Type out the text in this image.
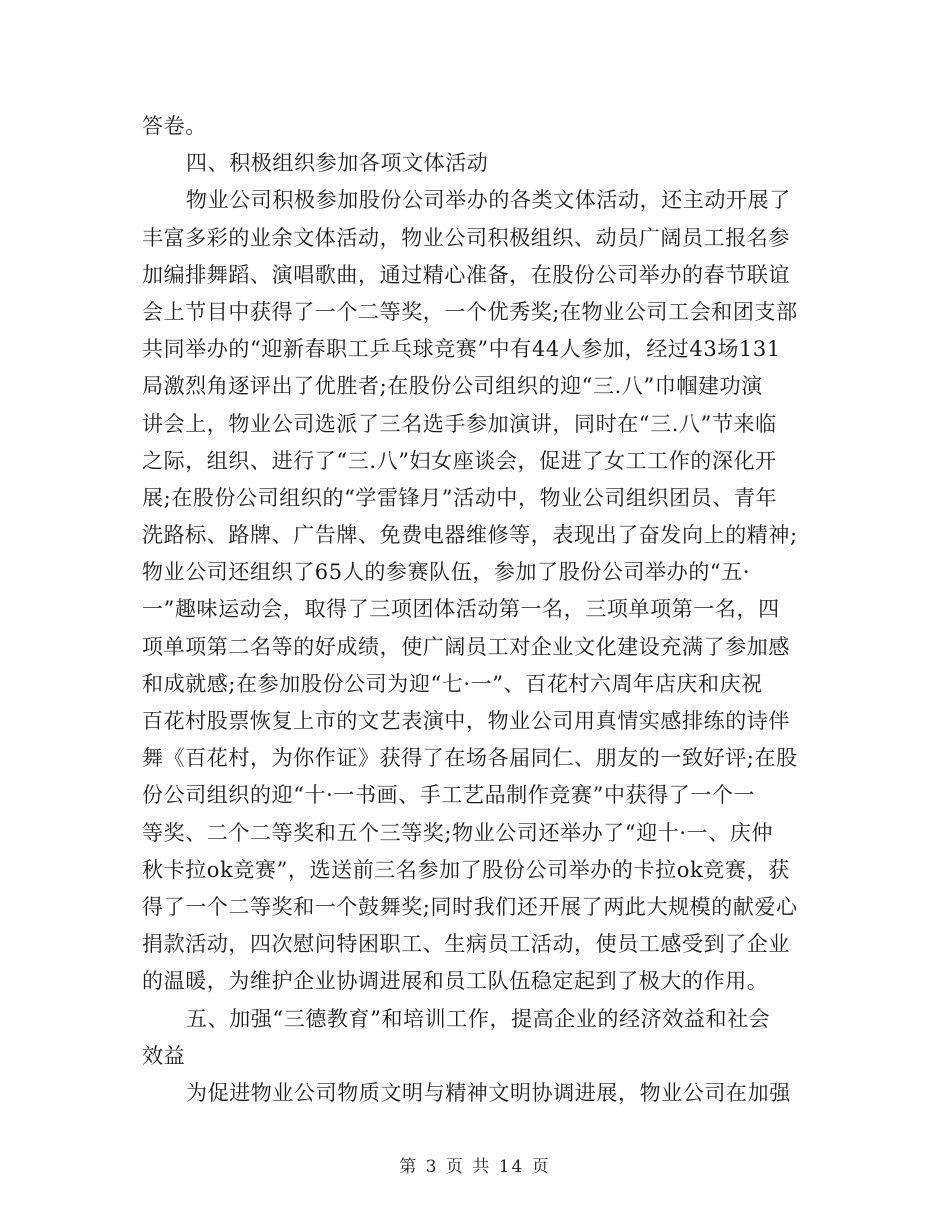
答卷。
四、积极组织参加各项文体活动
物业公司积极参加股份公司举办的各类文体活动，还主动开展了
丰富多彩的业余文体活动，物业公司积极组织、动员广阔员工报名参
加编排舞蹈、演唱歌曲，通过精心准备，在股份公司举办的春节联谊
会上节目中获得了一个二等奖，一个优秀奖;在物业公司工会和团支部
共同举办的“迎新春职工乒乓球竞赛”中有44人参加，经过43场131
局激烈角逐评出了优胜者;在股份公司组织的迎“三.八”巾帼建功演
讲会上，物业公司选派了三名选手参加演讲，同时在“三.八”节来临
之际，组织、进行了“三.八”妇女座谈会，促进了女工工作的深化开
展;在股份公司组织的“学雷锋月”活动中，物业公司组织团员、青年
洗路标、路牌、广告牌、免费电器维修等，表现出了奋发向上的精神;
物业公司还组织了65人的参赛队伍，参加了股份公司举办的“五·
一”趣味运动会，取得了三项团体活动第一名，三项单项第一名，四
项单项第二名等的好成绩，使广阔员工对企业文化建设充满了参加感
和成就感;在参加股份公司为迎“七·一”、百花村六周年店庆和庆祝
百花村股票恢复上市的文艺表演中，物业公司用真情实感排练的诗伴
舞《百花村，为你作证》获得了在场各届同仁、朋友的一致好评;在股
份公司组织的迎“十·一书画、手工艺品制作竞赛”中获得了一个一
等奖、二个二等奖和五个三等奖;物业公司还举办了“迎十·一、庆仲
秋卡拉ok竞赛”，选送前三名参加了股份公司举办的卡拉ok竞赛，获
得了一个二等奖和一个鼓舞奖;同时我们还开展了两此大规模的献爱心
捐款活动，四次慰问特困职工、生病员工活动，使员工感受到了企业
的温暖，为维护企业协调进展和员工队伍稳定起到了极大的作用。
五、加强“三德教育”和培训工作，提高企业的经济效益和社会
效益
为促进物业公司物质文明与精神文明协调进展，物业公司在加强
第 3 页 共 14 页
